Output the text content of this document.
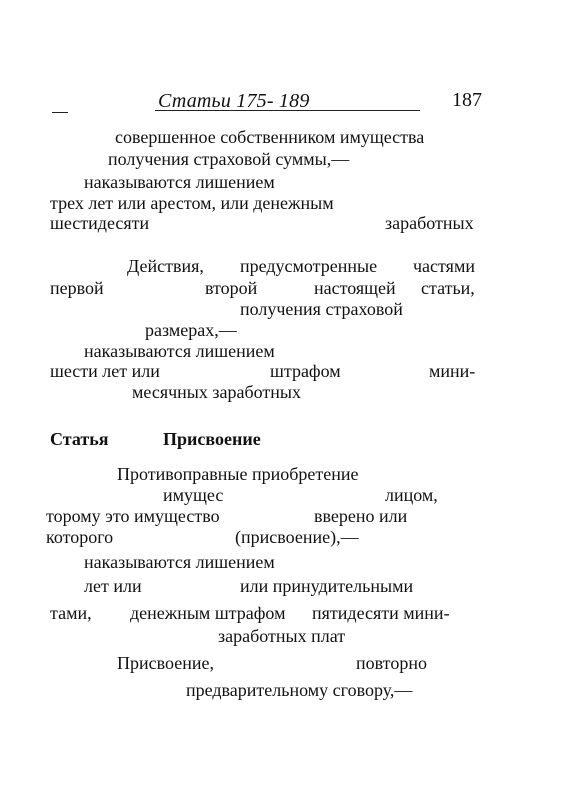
Статьи 175- 189	187
совершенное собственником имущества
получения страховой суммы,—
наказываются лишением
трех лет или арестом, или денежным
шестидесяти	заработных
Действия, предусмотренные частями
первой	второй	настоящей статьи,
получения страховой
размерах,—
наказываются лишением
шести лет или	штрафом	мини-
месячных заработных
Статья	Присвоение
Противоправные приобретение
имущес	лицом,
торому это имущество	вверено или
которого	(присвоение),—
наказываются лишением
лет или	или принудительными
тами, денежным штрафом пятидесяти мини-
заработных плат
Присвоение,	повторно
предварительному сговору,—
